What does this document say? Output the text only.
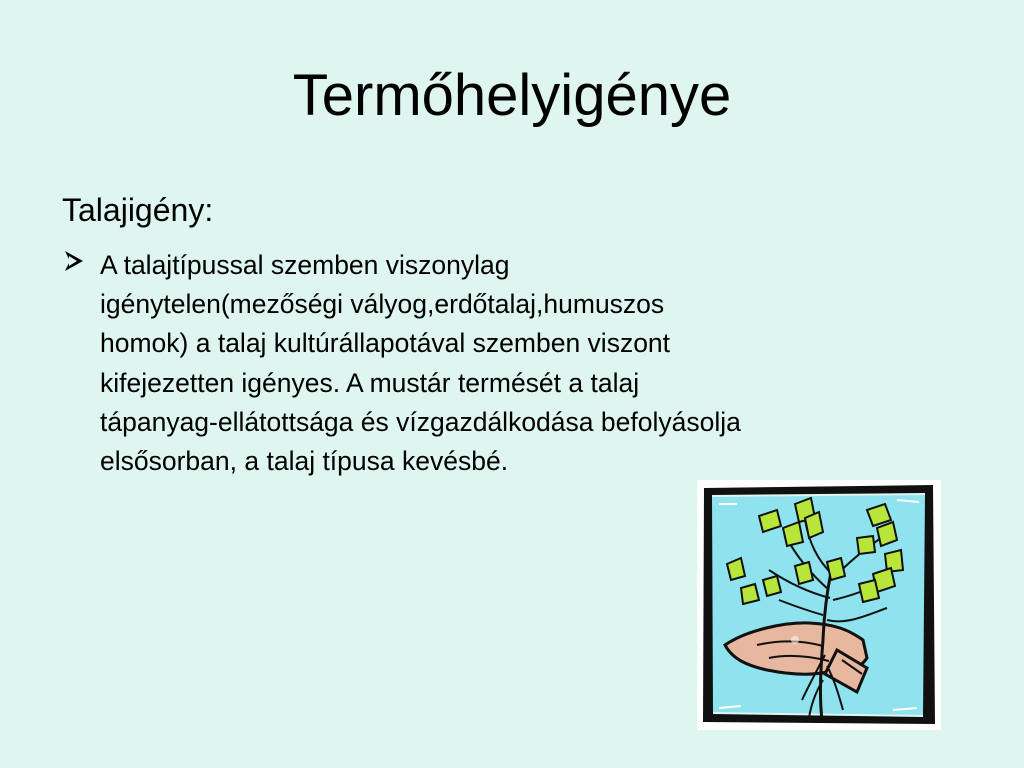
Termőhelyigénye

Talajigény:

A talajtípussal szemben viszonylag
igénytelen(mezőségi vályog,erdőtalaj,humuszos
homok) a talaj kultúrállapotával szemben viszont
kifejezetten igényes. A mustár termését a talaj
tápanyag-ellátottsága és vízgazdálkodása befolyásolja
elsősorban, a talaj típusa kevésbé.
